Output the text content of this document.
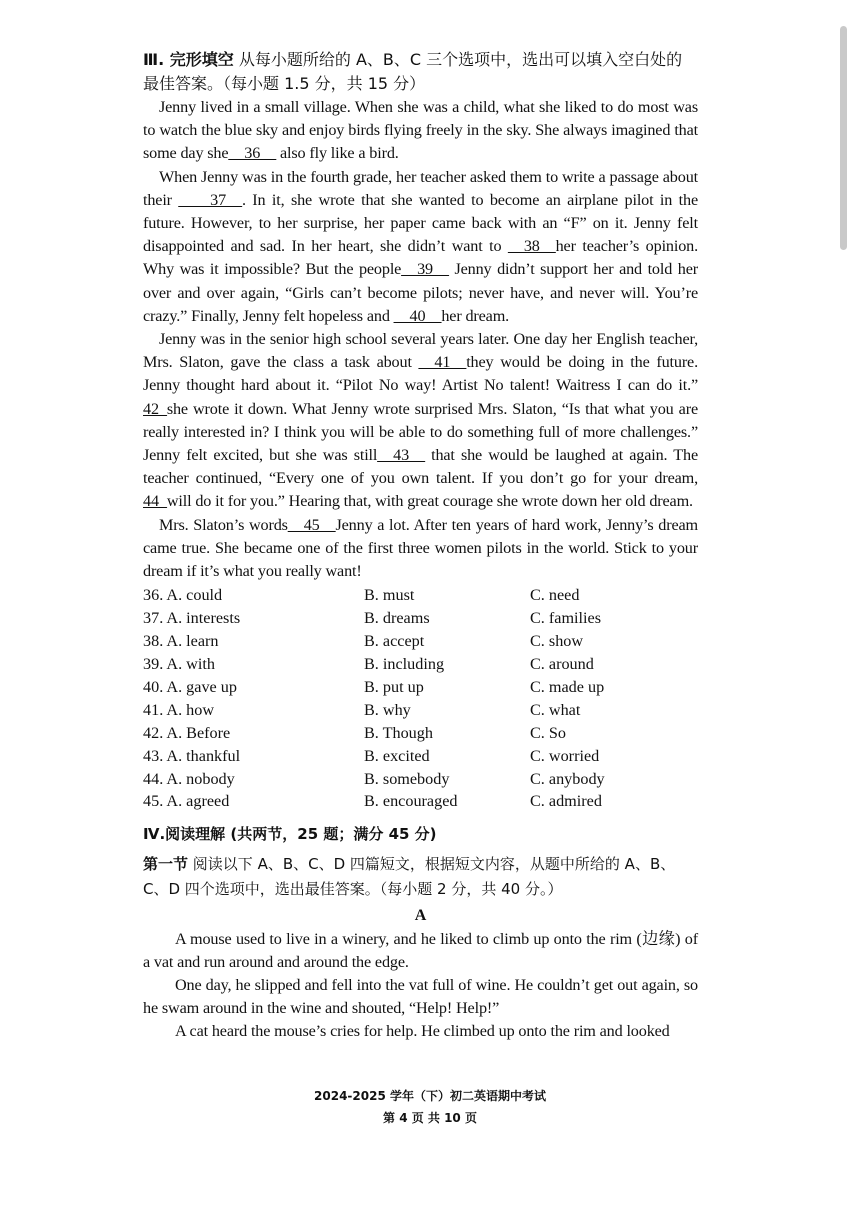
Ⅲ. 完形填空 从每小题所给的 A、B、C 三个选项中，选出可以填入空白处的最佳答案。（每小题 1.5 分，共 15 分）

Jenny lived in a small village. When she was a child, what she liked to do most was to watch the blue sky and enjoy birds flying freely in the sky. She always imagined that some day she__36__ also fly like a bird.

When Jenny was in the fourth grade, her teacher asked them to write a passage about their ____37__. In it, she wrote that she wanted to become an airplane pilot in the future. However, to her surprise, her paper came back with an “F” on it. Jenny felt disappointed and sad. In her heart, she didn’t want to __38__her teacher’s opinion. Why was it impossible? But the people__39__ Jenny didn’t support her and told her over and over again, “Girls can’t become pilots; never have, and never will. You’re crazy.” Finally, Jenny felt hopeless and __40__her dream.

Jenny was in the senior high school several years later. One day her English teacher, Mrs. Slaton, gave the class a task about __41__they would be doing in the future. Jenny thought hard about it. “Pilot No way! Artist No talent! Waitress I can do it.” 42_she wrote it down. What Jenny wrote surprised Mrs. Slaton, “Is that what you are really interested in? I think you will be able to do something full of more challenges.” Jenny felt excited, but she was still__43__ that she would be laughed at again. The teacher continued, “Every one of you own talent. If you don’t go for your dream, 44_will do it for you.” Hearing that, with great courage she wrote down her old dream.

Mrs. Slaton’s words__45__Jenny a lot. After ten years of hard work, Jenny’s dream came true. She became one of the first three women pilots in the world. Stick to your dream if it’s what you really want!

36. A. could	B. must	C. need
37. A. interests	B. dreams	C. families
38. A. learn	B. accept	C. show
39. A. with	B. including	C. around
40. A. gave up	B. put up	C. made up
41. A. how	B. why	C. what
42. A. Before	B. Though	C. So
43. A. thankful	B. excited	C. worried
44. A. nobody	B. somebody	C. anybody
45. A. agreed	B. encouraged	C. admired
Ⅳ.阅读理解 (共两节，25 题；满分 45 分)
第一节 阅读以下 A、B、C、D 四篇短文，根据短文内容，从题中所给的 A、B、C、D 四个选项中，选出最佳答案。（每小题 2 分，共 40 分。）
A

A mouse used to live in a winery, and he liked to climb up onto the rim (边缘) of a vat and run around and around the edge.

One day, he slipped and fell into the vat full of wine. He couldn’t get out again, so he swam around in the wine and shouted, “Help! Help!”

A cat heard the mouse’s cries for help. He climbed up onto the rim and looked

2024-2025 学年（下）初二英语期中考试
第 4 页 共 10 页
